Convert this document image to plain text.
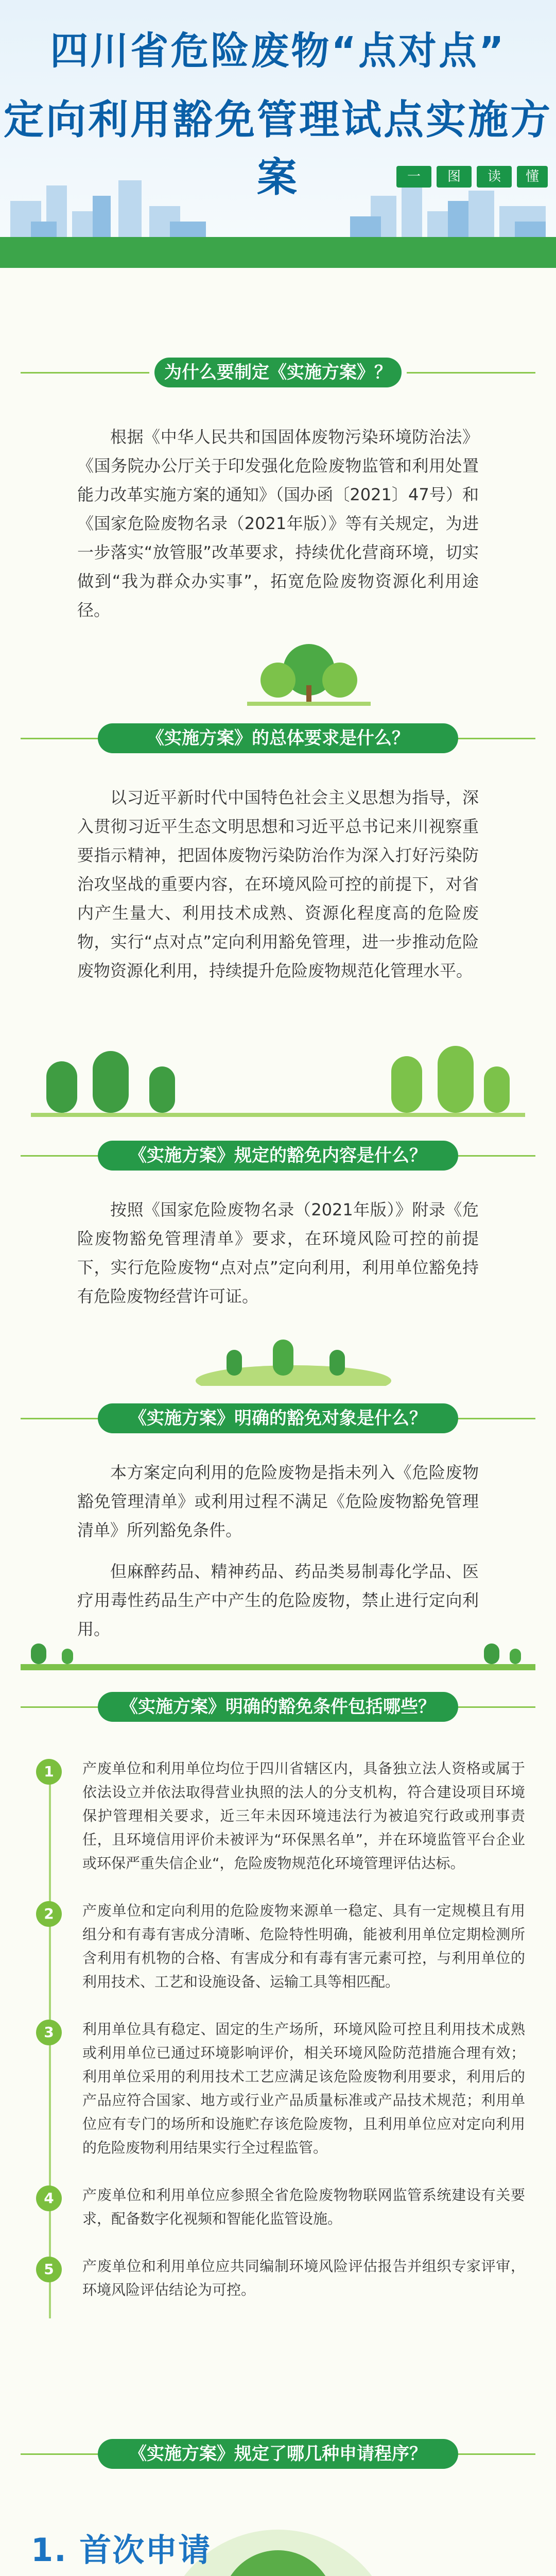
四川省危险废物“点对点”
定向利用豁免管理试点实施方案	一	图	读	懂
为什么要制定《实施方案》？

根据《中华人民共和国固体废物污染环境防治法》《国务院办公厅关于印发强化危险废物监管和利用处置能力改革实施方案的通知》（国办函〔2021〕47号）和《国家危险废物名录（2021年版）》等有关规定，为进一步落实“放管服”改革要求，持续优化营商环境，切实做到“我为群众办实事”，拓宽危险废物资源化利用途径。

《实施方案》的总体要求是什么？

以习近平新时代中国特色社会主义思想为指导，深入贯彻习近平生态文明思想和习近平总书记来川视察重要指示精神，把固体废物污染防治作为深入打好污染防治攻坚战的重要内容，在环境风险可控的前提下，对省内产生量大、利用技术成熟、资源化程度高的危险废物，实行“点对点”定向利用豁免管理，进一步推动危险废物资源化利用，持续提升危险废物规范化管理水平。

《实施方案》规定的豁免内容是什么？

按照《国家危险废物名录（2021年版）》附录《危险废物豁免管理清单》要求，在环境风险可控的前提下，实行危险废物“点对点”定向利用，利用单位豁免持有危险废物经营许可证。

《实施方案》明确的豁免对象是什么？

本方案定向利用的危险废物是指未列入《危险废物豁免管理清单》或利用过程不满足《危险废物豁免管理清单》所列豁免条件。

但麻醉药品、精神药品、药品类易制毒化学品、医疗用毒性药品生产中产生的危险废物，禁止进行定向利用。

《实施方案》明确的豁免条件包括哪些？
1	产废单位和利用单位均位于四川省辖区内，具备独立法人资格或属于依法设立并依法取得营业执照的法人的分支机构，符合建设项目环境保护管理相关要求，近三年未因环境违法行为被追究行政或刑事责任，且环境信用评价未被评为“环保黑名单”，并在环境监管平台企业或环保严重失信企业“，危险废物规范化环境管理评估达标。
2	产废单位和定向利用的危险废物来源单一稳定、具有一定规模且有用组分和有毒有害成分清晰、危险特性明确，能被利用单位定期检测所含利用有机物的合格、有害成分和有毒有害元素可控，与利用单位的利用技术、工艺和设施设备、运输工具等相匹配。
3	利用单位具有稳定、固定的生产场所，环境风险可控且利用技术成熟或利用单位已通过环境影响评价，相关环境风险防范措施合理有效；利用单位采用的利用技术工艺应满足该危险废物利用要求，利用后的产品应符合国家、地方或行业产品质量标准或产品技术规范；利用单位应有专门的场所和设施贮存该危险废物，且利用单位应对定向利用的危险废物利用结果实行全过程监管。
4	产废单位和利用单位应参照全省危险废物物联网监管系统建设有关要求，配备数字化视频和智能化监管设施。
5	产废单位和利用单位应共同编制环境风险评估报告并组织专家评审，环境风险评估结论为可控。
《实施方案》规定了哪几种申请程序？
1. 首次申请
